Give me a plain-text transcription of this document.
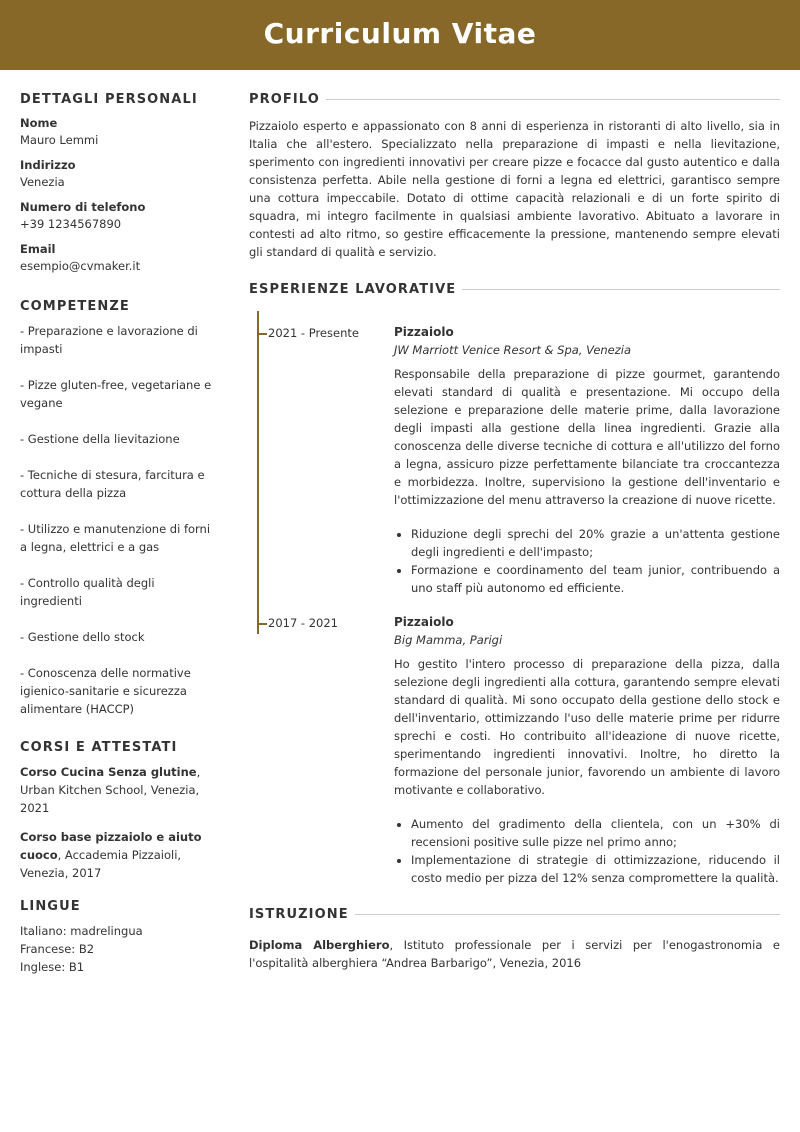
Curriculum Vitae
DETTAGLI PERSONALI
Nome
Mauro Lemmi
Indirizzo
Venezia
Numero di telefono
+39 1234567890
Email
esempio@cvmaker.it
COMPETENZE
- Preparazione e lavorazione di impasti
- Pizze gluten-free, vegetariane e vegane
- Gestione della lievitazione
- Tecniche di stesura, farcitura e cottura della pizza
- Utilizzo e manutenzione di forni a legna, elettrici e a gas
- Controllo qualità degli ingredienti
- Gestione dello stock
- Conoscenza delle normative igienico-sanitarie e sicurezza alimentare (HACCP)
CORSI E ATTESTATI
Corso Cucina Senza glutine, Urban Kitchen School, Venezia, 2021
Corso base pizzaiolo e aiuto cuoco, Accademia Pizzaioli, Venezia, 2017
LINGUE
Italiano: madrelingua
Francese: B2
Inglese: B1
PROFILO

Pizzaiolo esperto e appassionato con 8 anni di esperienza in ristoranti di alto livello, sia in Italia che all'estero. Specializzato nella preparazione di impasti e nella lievitazione, sperimento con ingredienti innovativi per creare pizze e focacce dal gusto autentico e dalla consistenza perfetta. Abile nella gestione di forni a legna ed elettrici, garantisco sempre una cottura impeccabile. Dotato di ottime capacità relazionali e di un forte spirito di squadra, mi integro facilmente in qualsiasi ambiente lavorativo. Abituato a lavorare in contesti ad alto ritmo, so gestire efficacemente la pressione, mantenendo sempre elevati gli standard di qualità e servizio.

ESPERIENZE LAVORATIVE
2021 - Presente	Pizzaiolo
JW Marriott Venice Resort & Spa, Venezia

Responsabile della preparazione di pizze gourmet, garantendo elevati standard di qualità e presentazione. Mi occupo della selezione e preparazione delle materie prime, dalla lavorazione degli impasti alla gestione della linea ingredienti. Grazie alla conoscenza delle diverse tecniche di cottura e all'utilizzo del forno a legna, assicuro pizze perfettamente bilanciate tra croccantezza e morbidezza. Inoltre, supervisiono la gestione dell'inventario e l'ottimizzazione del menu attraverso la creazione di nuove ricette.

• Riduzione degli sprechi del 20% grazie a un'attenta gestione degli ingredienti e dell'impasto;
• Formazione e coordinamento del team junior, contribuendo a uno staff più autonomo ed efficiente.
2017 - 2021	Pizzaiolo
Big Mamma, Parigi

Ho gestito l'intero processo di preparazione della pizza, dalla selezione degli ingredienti alla cottura, garantendo sempre elevati standard di qualità. Mi sono occupato della gestione dello stock e dell'inventario, ottimizzando l'uso delle materie prime per ridurre sprechi e costi. Ho contribuito all'ideazione di nuove ricette, sperimentando ingredienti innovativi. Inoltre, ho diretto la formazione del personale junior, favorendo un ambiente di lavoro motivante e collaborativo.

• Aumento del gradimento della clientela, con un +30% di recensioni positive sulle pizze nel primo anno;
• Implementazione di strategie di ottimizzazione, riducendo il costo medio per pizza del 12% senza compromettere la qualità.
ISTRUZIONE

Diploma Alberghiero, Istituto professionale per i servizi per l'enogastronomia e l'ospitalità alberghiera “Andrea Barbarigo”, Venezia, 2016
